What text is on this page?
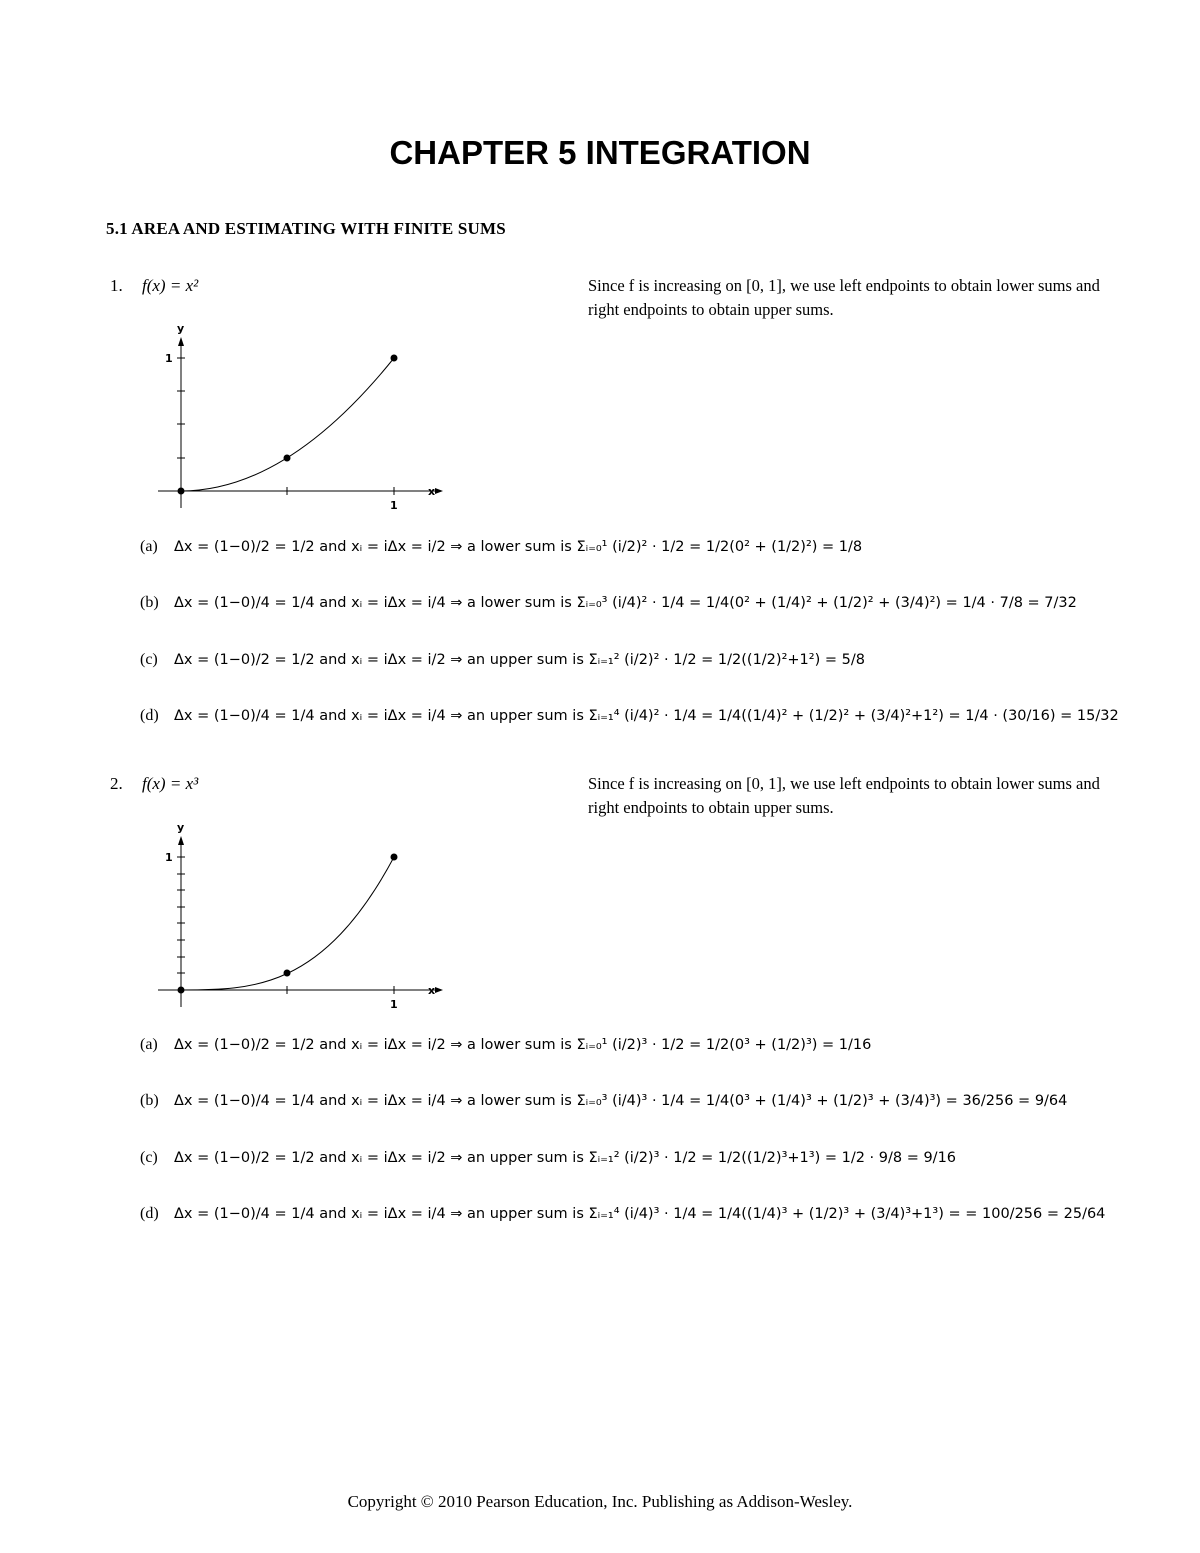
CHAPTER 5 INTEGRATION
5.1 AREA AND ESTIMATING WITH FINITE SUMS
1. f(x) = x²	Since f is increasing on [0, 1], we use left endpoints to obtain lower sums and right endpoints to obtain upper sums.
y
1
x
1
(a)	Δx = (1−0)/2 = 1/2 and xᵢ = iΔx = i/2 ⇒ a lower sum is Σᵢ₌₀¹ (i/2)² · 1/2 = 1/2(0² + (1/2)²) = 1/8
(b)	Δx = (1−0)/4 = 1/4 and xᵢ = iΔx = i/4 ⇒ a lower sum is Σᵢ₌₀³ (i/4)² · 1/4 = 1/4(0² + (1/4)² + (1/2)² + (3/4)²) = 1/4 · 7/8 = 7/32
(c)	Δx = (1−0)/2 = 1/2 and xᵢ = iΔx = i/2 ⇒ an upper sum is Σᵢ₌₁² (i/2)² · 1/2 = 1/2((1/2)²+1²) = 5/8
(d)	Δx = (1−0)/4 = 1/4 and xᵢ = iΔx = i/4 ⇒ an upper sum is Σᵢ₌₁⁴ (i/4)² · 1/4 = 1/4((1/4)² + (1/2)² + (3/4)²+1²) = 1/4 · (30/16) = 15/32
2. f(x) = x³	Since f is increasing on [0, 1], we use left endpoints to obtain lower sums and right endpoints to obtain upper sums.
y
1
x
1
(a)	Δx = (1−0)/2 = 1/2 and xᵢ = iΔx = i/2 ⇒ a lower sum is Σᵢ₌₀¹ (i/2)³ · 1/2 = 1/2(0³ + (1/2)³) = 1/16
(b)	Δx = (1−0)/4 = 1/4 and xᵢ = iΔx = i/4 ⇒ a lower sum is Σᵢ₌₀³ (i/4)³ · 1/4 = 1/4(0³ + (1/4)³ + (1/2)³ + (3/4)³) = 36/256 = 9/64
(c)	Δx = (1−0)/2 = 1/2 and xᵢ = iΔx = i/2 ⇒ an upper sum is Σᵢ₌₁² (i/2)³ · 1/2 = 1/2((1/2)³+1³) = 1/2 · 9/8 = 9/16
(d)	Δx = (1−0)/4 = 1/4 and xᵢ = iΔx = i/4 ⇒ an upper sum is Σᵢ₌₁⁴ (i/4)³ · 1/4 = 1/4((1/4)³ + (1/2)³ + (3/4)³+1³) = = 100/256 = 25/64
Copyright © 2010 Pearson Education, Inc. Publishing as Addison-Wesley.
